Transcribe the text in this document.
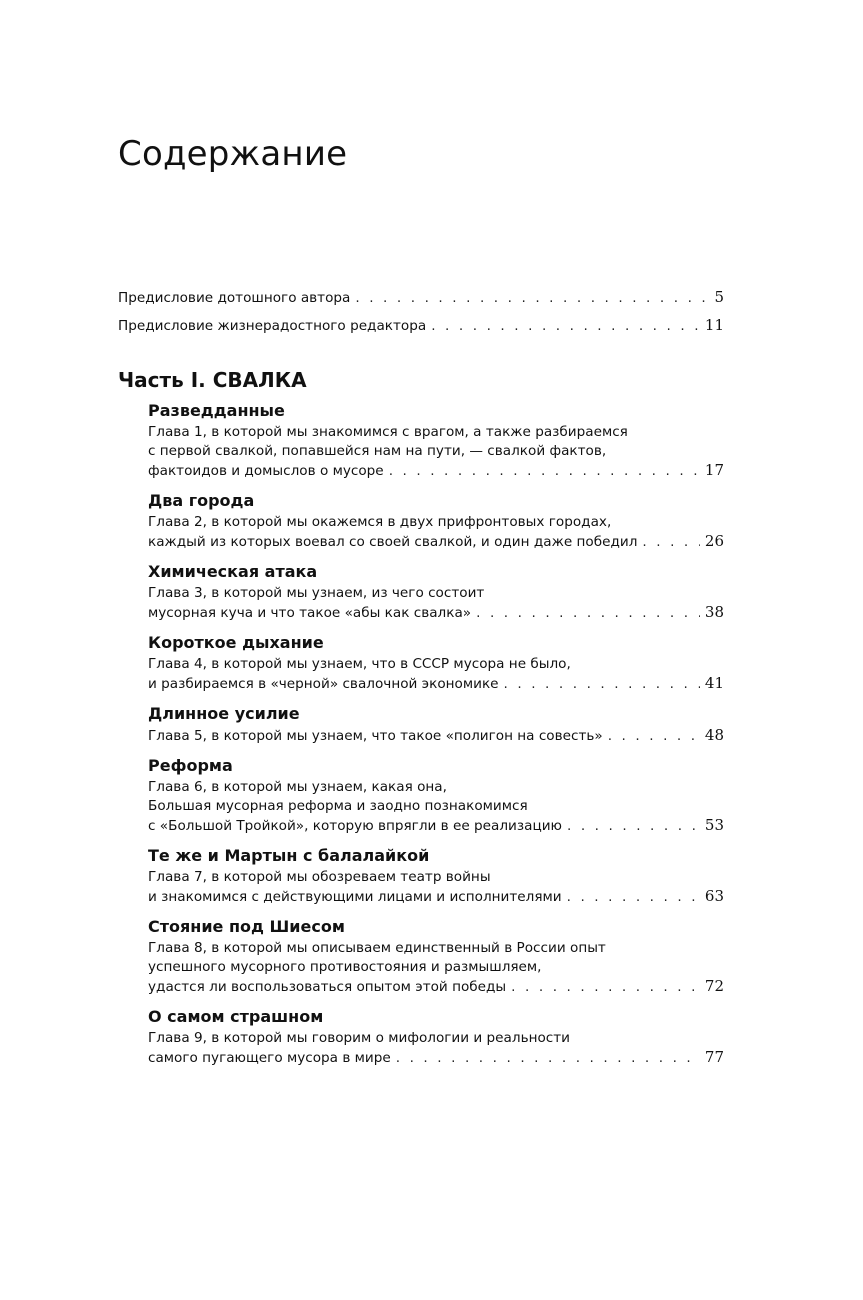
Содержание
Предисловие дотошного автора . . .	5
Предисловие жизнерадостного редактора . . .	11
Часть I. СВАЛКА
Разведданные
Глава 1, в которой мы знакомимся с врагом, а также разбираемся
с первой свалкой, попавшейся нам на пути, — свалкой фактов,
фактоидов и домыслов о мусоре . . .	17
Два города
Глава 2, в которой мы окажемся в двух прифронтовых городах,
каждый из которых воевал со своей свалкой, и один даже победил . . .	26
Химическая атака
Глава 3, в которой мы узнаем, из чего состоит
мусорная куча и что такое «абы как свалка» . . .	38
Короткое дыхание
Глава 4, в которой мы узнаем, что в СССР мусора не было,
и разбираемся в «черной» свалочной экономике . . .	41
Длинное усилие
Глава 5, в которой мы узнаем, что такое «полигон на совесть» . . .	48
Реформа
Глава 6, в которой мы узнаем, какая она,
Большая мусорная реформа и заодно познакомимся
с «Большой Тройкой», которую впрягли в ее реализацию . . .	53
Те же и Мартын с балалайкой
Глава 7, в которой мы обозреваем театр войны
и знакомимся с действующими лицами и исполнителями . . .	63
Стояние под Шиесом
Глава 8, в которой мы описываем единственный в России опыт
успешного мусорного противостояния и размышляем,
удастся ли воспользоваться опытом этой победы . . .	72
О самом страшном
Глава 9, в которой мы говорим о мифологии и реальности
самого пугающего мусора в мире . . .	77
